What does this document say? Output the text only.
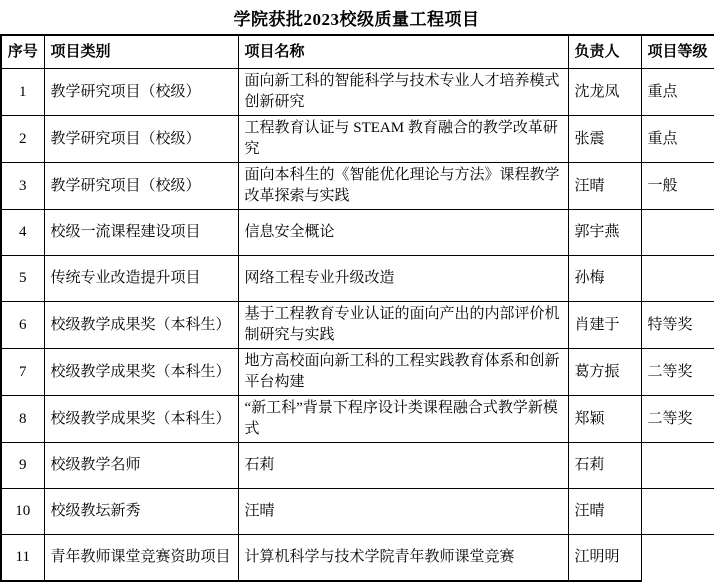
学院获批2023校级质量工程项目
序号	项目类别	项目名称	负责人	项目等级
1	教学研究项目（校级）	面向新工科的智能科学与技术专业人才培养模式创新研究	沈龙凤	重点
2	教学研究项目（校级）	工程教育认证与 STEAM 教育融合的教学改革研究	张震	重点
3	教学研究项目（校级）	面向本科生的《智能优化理论与方法》课程教学改革探索与实践	汪晴	一般
4	校级一流课程建设项目	信息安全概论	郭宇燕	
5	传统专业改造提升项目	网络工程专业升级改造	孙梅	
6	校级教学成果奖（本科生）	基于工程教育专业认证的面向产出的内部评价机制研究与实践	肖建于	特等奖
7	校级教学成果奖（本科生）	地方高校面向新工科的工程实践教育体系和创新平台构建	葛方振	二等奖
8	校级教学成果奖（本科生）	“新工科”背景下程序设计类课程融合式教学新模式	郑颖	二等奖
9	校级教学名师	石莉	石莉	
10	校级教坛新秀	汪晴	汪晴	
11	青年教师课堂竞赛资助项目	计算机科学与技术学院青年教师课堂竞赛	江明明	
